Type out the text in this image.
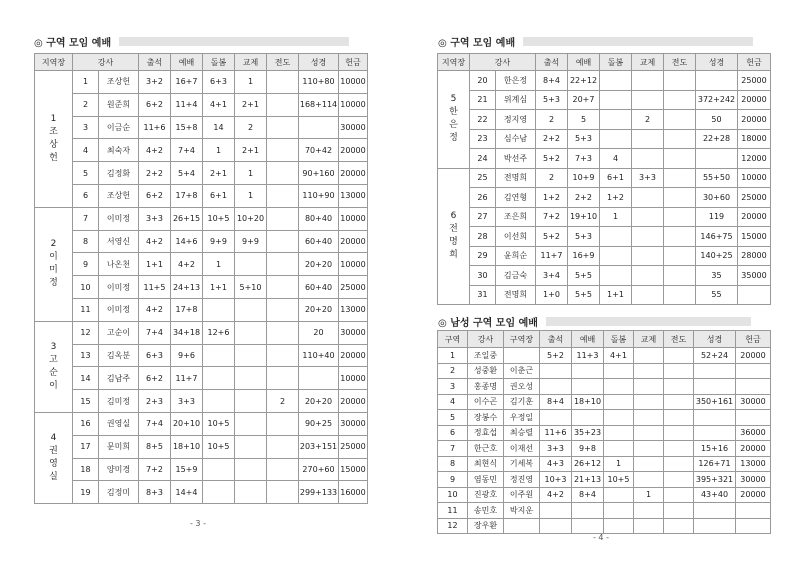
◎ 구역 모임 예배
지역장	강사		출석	예배	돌봄	교제	전도	성경	헌금
1
조
상
헌	1	조상헌	3+2	16+7	6+3	1		110+80	10000
	2	원준희	6+2	11+4	4+1	2+1		168+114	10000
	3	이금순	11+6	15+8	14	2			30000
	4	최숙자	4+2	7+4	1	2+1		70+42	20000
	5	김정화	2+2	5+4	2+1	1		90+160	20000
	6	조상헌	6+2	17+8	6+1	1		110+90	13000
2
이
미
정	7	이미정	3+3	26+15	10+5	10+20		80+40	10000
	8	서영신	4+2	14+6	9+9	9+9		60+40	20000
	9	나온천	1+1	4+2	1			20+20	10000
	10	이미정	11+5	24+13	1+1	5+10		60+40	25000
	11	이미정	4+2	17+8				20+20	13000
3
고
순
이	12	고순이	7+4	34+18	12+6			20	30000
	13	김옥분	6+3	9+6				110+40	20000
	14	김남주	6+2	11+7					10000
	15	김미정	2+3	3+3			2	20+20	20000
4
권
영
실	16	권영실	7+4	20+10	10+5			90+25	30000
	17	문미희	8+5	18+10	10+5			203+151	25000
	18	양미경	7+2	15+9				270+60	15000
	19	김정미	8+3	14+4				299+133	16000
- 3 -
◎ 구역 모임 예배
지역장	강사		출석	예배	돌봄	교제	전도	성경	헌금
5
한
은
정	20	한은정	8+4	22+12					25000
	21	위계심	5+3	20+7				372+242	20000
	22	정지영	2	5		2		50	20000
	23	심수남	2+2	5+3				22+28	18000
	24	박선주	5+2	7+3	4				12000
6
전
명
희	25	전명희	2	10+9	6+1	3+3		55+50	10000
	26	김연형	1+2	2+2	1+2			30+60	25000
	27	조은희	7+2	19+10	1			119	20000
	28	이선희	5+2	5+3				146+75	15000
	29	윤희순	11+7	16+9				140+25	28000
	30	김금숙	3+4	5+5				35	35000
	31	전명희	1+0	5+5	1+1			55	
◎ 남성 구역 모임 예배
구역	강사	구역장	출석	예배	돌봄	교제	전도	성경	헌금
1	조일중		5+2	11+3	4+1			52+24	20000
2	성중환	이춘근							
3	홍종명	권오성							
4	이수곤	김기훈	8+4	18+10				350+161	30000
5	장봉수	우정일							
6	정효섭	최승렬	11+6	35+23					36000
7	한근호	이재선	3+3	9+8				15+16	20000
8	최현식	기세복	4+3	26+12	1			126+71	13000
9	염동민	정진영	10+3	21+13	10+5			395+321	30000
10	진광호	이주원	4+2	8+4		1		43+40	20000
11	송민호	박지운							
12	장우환								
- 4 -
